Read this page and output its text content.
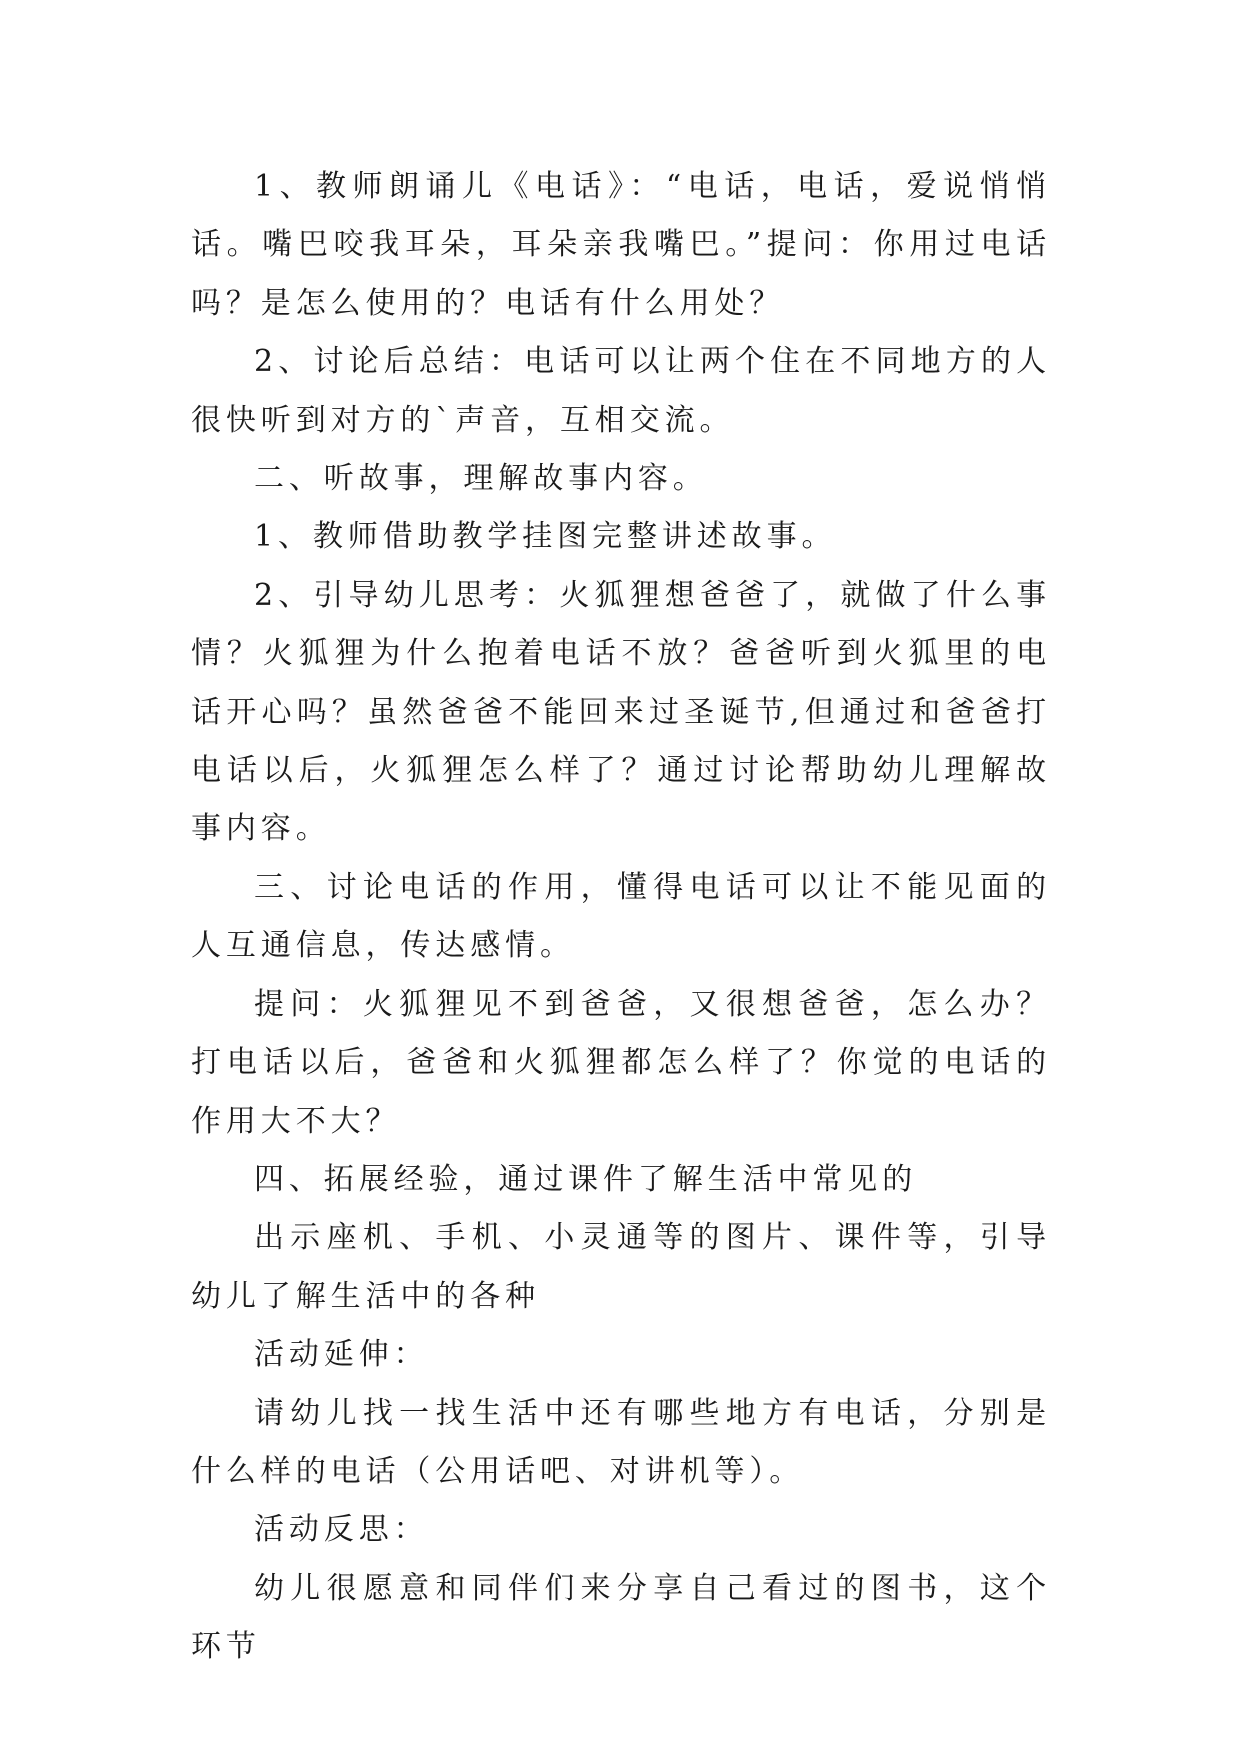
1、教师朗诵儿《电话》：“电话，电话，爱说悄悄话。嘴巴咬我耳朵，耳朵亲我嘴巴。”提问：你用过电话吗？是怎么使用的？电话有什么用处？

2、讨论后总结：电话可以让两个住在不同地方的人很快听到对方的`声音，互相交流。

二、听故事，理解故事内容。

1、教师借助教学挂图完整讲述故事。

2、引导幼儿思考：火狐狸想爸爸了，就做了什么事情？火狐狸为什么抱着电话不放？爸爸听到火狐里的电话开心吗？虽然爸爸不能回来过圣诞节,但通过和爸爸打电话以后，火狐狸怎么样了？通过讨论帮助幼儿理解故事内容。

三、讨论电话的作用，懂得电话可以让不能见面的人互通信息，传达感情。

提问：火狐狸见不到爸爸，又很想爸爸，怎么办？打电话以后，爸爸和火狐狸都怎么样了？你觉的电话的作用大不大？

四、拓展经验，通过课件了解生活中常见的

出示座机、手机、小灵通等的图片、课件等，引导幼儿了解生活中的各种

活动延伸：

请幼儿找一找生活中还有哪些地方有电话，分别是什么样的电话（公用话吧、对讲机等）。

活动反思：

幼儿很愿意和同伴们来分享自己看过的图书，这个环节
